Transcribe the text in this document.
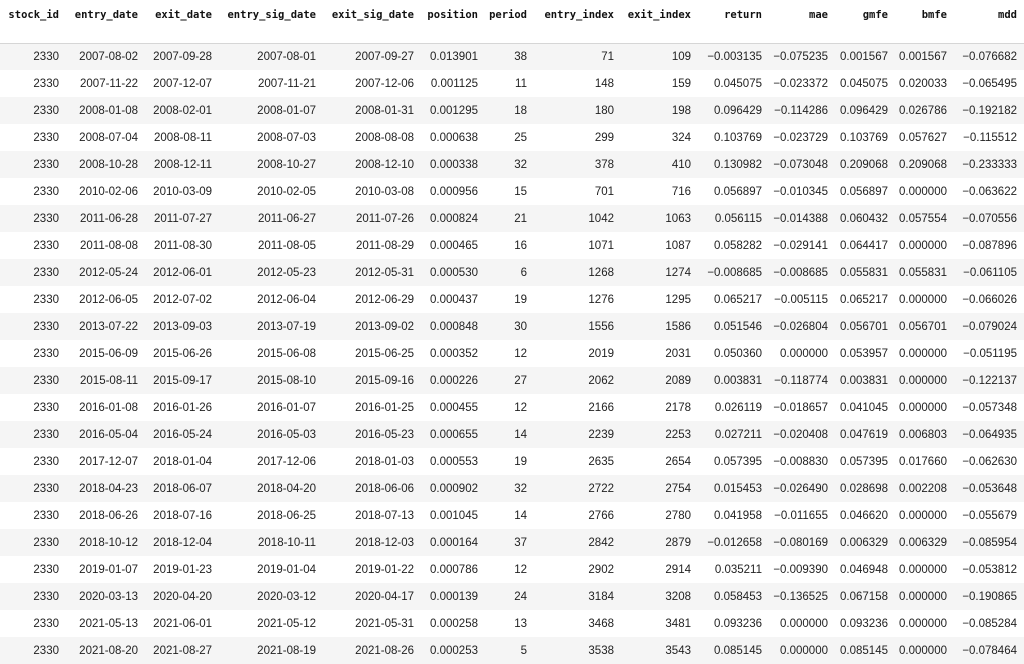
stock_id	entry_date	exit_date	entry_sig_date	exit_sig_date	position	period	entry_index	exit_index	return	mae	gmfe	bmfe	mdd
2330	2007-08-02	2007-09-28	2007-08-01	2007-09-27	0.013901	38	71	109	−0.003135	−0.075235	0.001567	0.001567	−0.076682
2330	2007-11-22	2007-12-07	2007-11-21	2007-12-06	0.001125	11	148	159	0.045075	−0.023372	0.045075	0.020033	−0.065495
2330	2008-01-08	2008-02-01	2008-01-07	2008-01-31	0.001295	18	180	198	0.096429	−0.114286	0.096429	0.026786	−0.192182
2330	2008-07-04	2008-08-11	2008-07-03	2008-08-08	0.000638	25	299	324	0.103769	−0.023729	0.103769	0.057627	−0.115512
2330	2008-10-28	2008-12-11	2008-10-27	2008-12-10	0.000338	32	378	410	0.130982	−0.073048	0.209068	0.209068	−0.233333
2330	2010-02-06	2010-03-09	2010-02-05	2010-03-08	0.000956	15	701	716	0.056897	−0.010345	0.056897	0.000000	−0.063622
2330	2011-06-28	2011-07-27	2011-06-27	2011-07-26	0.000824	21	1042	1063	0.056115	−0.014388	0.060432	0.057554	−0.070556
2330	2011-08-08	2011-08-30	2011-08-05	2011-08-29	0.000465	16	1071	1087	0.058282	−0.029141	0.064417	0.000000	−0.087896
2330	2012-05-24	2012-06-01	2012-05-23	2012-05-31	0.000530	6	1268	1274	−0.008685	−0.008685	0.055831	0.055831	−0.061105
2330	2012-06-05	2012-07-02	2012-06-04	2012-06-29	0.000437	19	1276	1295	0.065217	−0.005115	0.065217	0.000000	−0.066026
2330	2013-07-22	2013-09-03	2013-07-19	2013-09-02	0.000848	30	1556	1586	0.051546	−0.026804	0.056701	0.056701	−0.079024
2330	2015-06-09	2015-06-26	2015-06-08	2015-06-25	0.000352	12	2019	2031	0.050360	0.000000	0.053957	0.000000	−0.051195
2330	2015-08-11	2015-09-17	2015-08-10	2015-09-16	0.000226	27	2062	2089	0.003831	−0.118774	0.003831	0.000000	−0.122137
2330	2016-01-08	2016-01-26	2016-01-07	2016-01-25	0.000455	12	2166	2178	0.026119	−0.018657	0.041045	0.000000	−0.057348
2330	2016-05-04	2016-05-24	2016-05-03	2016-05-23	0.000655	14	2239	2253	0.027211	−0.020408	0.047619	0.006803	−0.064935
2330	2017-12-07	2018-01-04	2017-12-06	2018-01-03	0.000553	19	2635	2654	0.057395	−0.008830	0.057395	0.017660	−0.062630
2330	2018-04-23	2018-06-07	2018-04-20	2018-06-06	0.000902	32	2722	2754	0.015453	−0.026490	0.028698	0.002208	−0.053648
2330	2018-06-26	2018-07-16	2018-06-25	2018-07-13	0.001045	14	2766	2780	0.041958	−0.011655	0.046620	0.000000	−0.055679
2330	2018-10-12	2018-12-04	2018-10-11	2018-12-03	0.000164	37	2842	2879	−0.012658	−0.080169	0.006329	0.006329	−0.085954
2330	2019-01-07	2019-01-23	2019-01-04	2019-01-22	0.000786	12	2902	2914	0.035211	−0.009390	0.046948	0.000000	−0.053812
2330	2020-03-13	2020-04-20	2020-03-12	2020-04-17	0.000139	24	3184	3208	0.058453	−0.136525	0.067158	0.000000	−0.190865
2330	2021-05-13	2021-06-01	2021-05-12	2021-05-31	0.000258	13	3468	3481	0.093236	0.000000	0.093236	0.000000	−0.085284
2330	2021-08-20	2021-08-27	2021-08-19	2021-08-26	0.000253	5	3538	3543	0.085145	0.000000	0.085145	0.000000	−0.078464
